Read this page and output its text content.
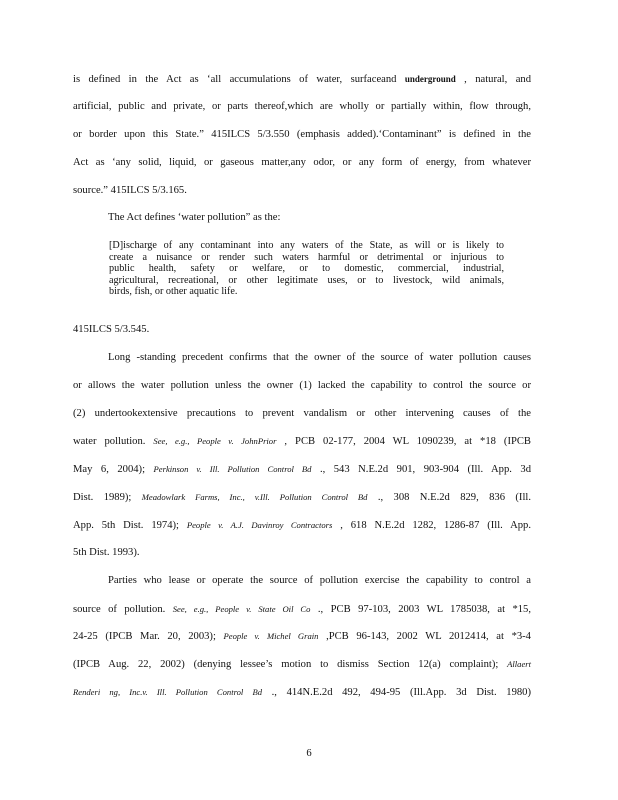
is defined in the Act as ‘all accumulations of water, surfaceand underground , natural, and
artificial, public and private, or parts thereof,which are wholly or partially within, flow through,
or border upon this State.” 415ILCS 5/3.550 (emphasis added).‘Contaminant” is defined in the
Act as ‘any solid, liquid, or gaseous matter,any odor, or any form of energy, from whatever
source.” 415ILCS 5/3.165.
The Act defines ‘water pollution” as the:
[D]ischarge of any contaminant into any waters of the State, as will or is likely to
create a nuisance or render such waters harmful or detrimental or injurious to
public health, safety or welfare, or to domestic, commercial, industrial,
agricultural, recreational, or other legitimate uses, or to livestock, wild animals,
birds, fish, or other aquatic life.
415ILCS 5/3.545.
Long -standing precedent confirms that the owner of the source of water pollution causes
or allows the water pollution unless the owner (1) lacked the capability to control the source or
(2) undertookextensive precautions to prevent vandalism or other intervening causes of the
water pollution. See, e.g., People v. JohnPrior , PCB 02-177, 2004 WL 1090239, at *18 (IPCB
May 6, 2004); Perkinson v. Ill. Pollution Control Bd ., 543 N.E.2d 901, 903-904 (Ill. App. 3d
Dist. 1989); Meadowlark Farms, Inc., v.Ill. Pollution Control Bd ., 308 N.E.2d 829, 836 (Ill.
App. 5th Dist. 1974); People v. A.J. Davinroy Contractors , 618 N.E.2d 1282, 1286-87 (Ill. App.
5th Dist. 1993).
Parties who lease or operate the source of pollution exercise the capability to control a
source of pollution. See, e.g., People v. State Oil Co ., PCB 97-103, 2003 WL 1785038, at *15,
24-25 (IPCB Mar. 20, 2003); People v. Michel Grain ,PCB 96-143, 2002 WL 2012414, at *3-4
(IPCB Aug. 22, 2002) (denying lessee’s motion to dismiss Section 12(a) complaint); Allaert
Renderi ng, Inc.v. Ill. Pollution Control Bd ., 414N.E.2d 492, 494-95 (Ill.App. 3d Dist. 1980)
6
